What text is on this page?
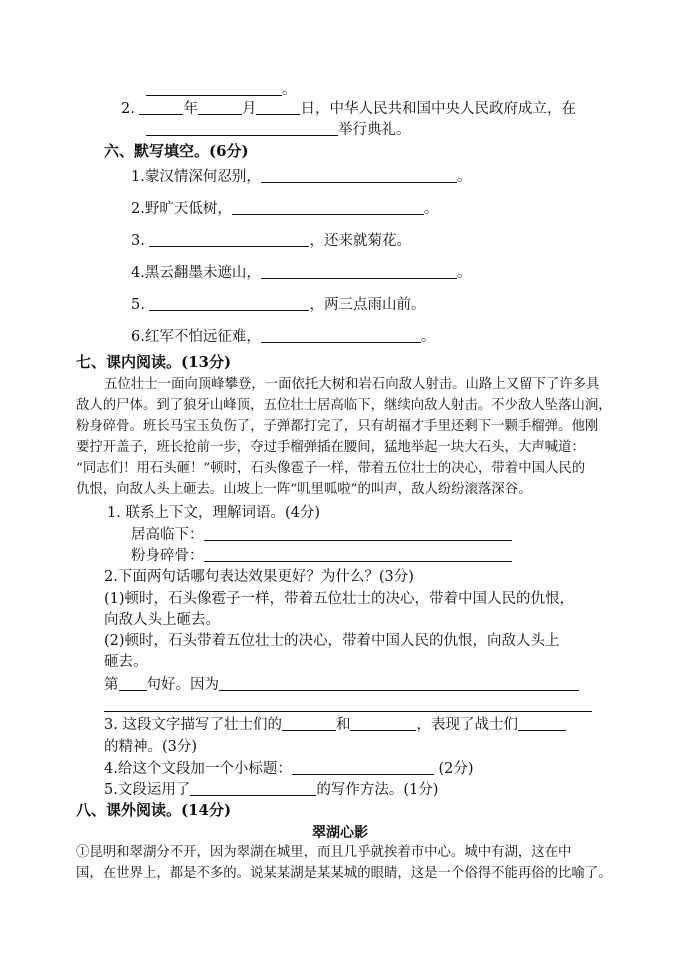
。
2.	年	月	日，中华人民共和国中央人民政府成立，在
举行典礼。
六、默写填空。(6分)
1.蒙汉情深何忍别，	。
2.野旷天低树，	。
3.	，还来就菊花。
4.黑云翻墨未遮山，	。
5.	，两三点雨山前。
6.红军不怕远征难，	。
七、课内阅读。(13分)
五位壮士一面向顶峰攀登，一面依托大树和岩石向敌人射击。山路上又留下了许多具
敌人的尸体。到了狼牙山峰顶，五位壮士居高临下，继续向敌人射击。不少敌人坠落山涧，
粉身碎骨。班长马宝玉负伤了，子弹都打完了，只有胡福才手里还剩下一颗手榴弹。他刚
要拧开盖子，班长抢前一步，夺过手榴弹插在腰间，猛地举起一块大石头，大声喊道：
“同志们！用石头砸！”顿时，石头像雹子一样，带着五位壮士的决心，带着中国人民的
仇恨，向敌人头上砸去。山坡上一阵“叽里呱啦”的叫声，敌人纷纷滚落深谷。
1. 联系上下文，理解词语。(4分)
居高临下：
粉身碎骨：
2.下面两句话哪句表达效果更好？为什么？(3分)
(1)顿时，石头像雹子一样，带着五位壮士的决心，带着中国人民的仇恨，
向敌人头上砸去。
(2)顿时，石头带着五位壮士的决心，带着中国人民的仇恨，向敌人头上
砸去。
第 句好。因为
3. 这段文字描写了壮士们的	和	，表现了战士们
的精神。(3分)
4.给这个文段加一个小标题：	(2分)
5.文段运用了	的写作方法。(1分)
八、课外阅读。(14分)
翠湖心影
①昆明和翠湖分不开，因为翠湖在城里，而且几乎就挨着市中心。城中有湖，这在中
国，在世界上，都是不多的。说某某湖是某某城的眼睛，这是一个俗得不能再俗的比喻了。
